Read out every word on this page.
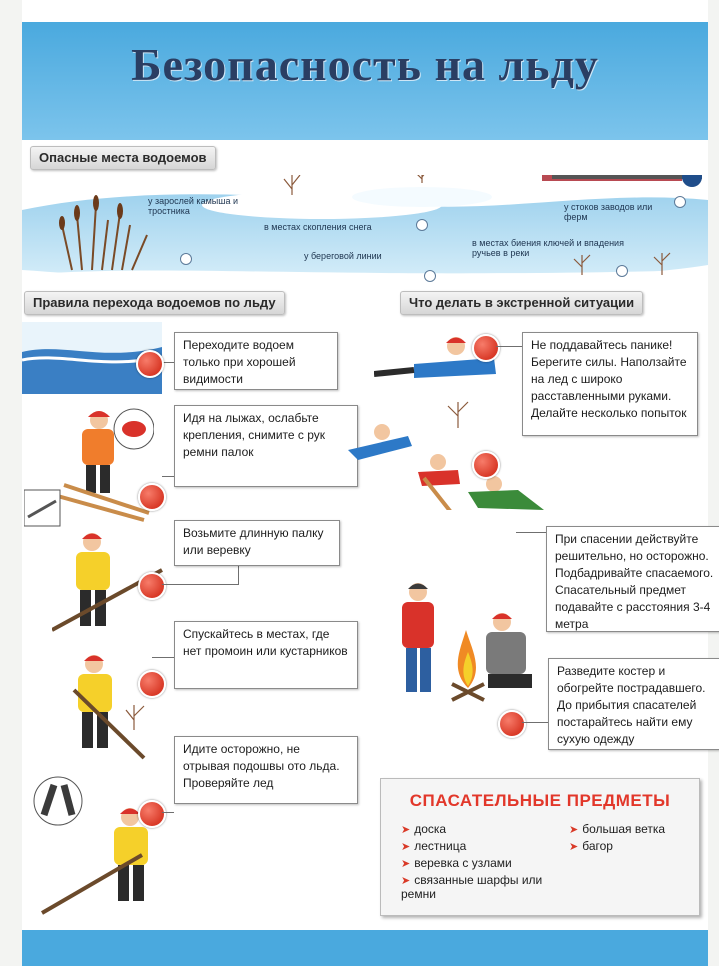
Безопасность на льду
Опасные места водоемов
у зарослей камыша и тростника
в местах скопления снега
у береговой линии
у стоков заводов или ферм
в местах биения ключей и впадения ручьев в реки
Правила перехода водоемов по льду	Что делать в экстренной ситуации
Переходите водоем только при хорошей видимости
Идя на лыжах, ослабьте крепления, снимите с рук ремни палок
Возьмите длинную палку или веревку
Спускайтесь в местах, где нет промоин или кустарников
Идите осторожно, не отрывая подошвы ото льда. Проверяйте лед
Не поддавайтесь панике! Берегите силы. Наползайте на лед с широко расставленными руками. Делайте несколько попыток
При спасении действуйте решительно, но осторожно. Подбадривайте спасаемого. Спасательный предмет подавайте с расстояния 3-4 метра
Разведите костер и обогрейте пострадавшего. До прибытия спасателей постарайтесь найти ему сухую одежду
СПАСАТЕЛЬНЫЕ ПРЕДМЕТЫ
➤ доска
➤ лестница
➤ веревка с узлами
➤ связанные шарфы или ремни
➤ большая ветка
➤ багор
